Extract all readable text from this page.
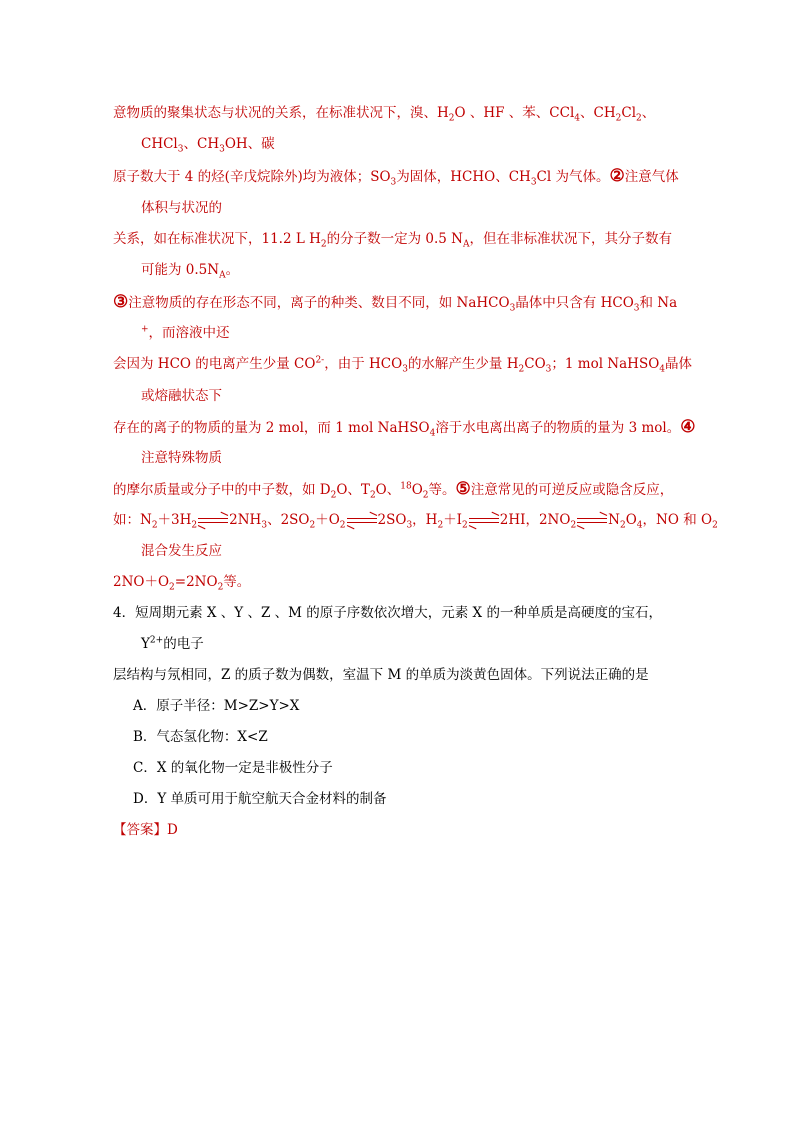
意物质的聚集状态与状况的关系，在标准状况下，溴、$H_2O$ 、HF 、苯、CCl$_4$、$CH_2Cl_2$、
CHCl$_3$、$CH_3OH$、碳
原子数大于 4 的烃(辛戊烷除外)均为液体；$SO_3$为固体，HCHO、$CH_3Cl$ 为气体。②注意气体
体积与状况的
关系，如在标准状况下，11.2 L $H_2$的分子数一定为 0.5 $N_A$，但在非标准状况下，其分子数有
可能为 $0.5N_A$。
③注意物质的存在形态不同，离子的种类、数目不同，如 NaHCO$_3$晶体中只含有 $HCO_3$和 Na
+，而溶液中还
会因为 HCO 的电离产生少量 $CO^{2-}$，由于 $HCO_3$的水解产生少量 $H_2CO_3$；1 mol NaHSO$_4$晶体
或熔融状态下
存在的离子的物质的量为 2 mol，而 1 mol NaHSO$_4$溶于水电离出离子的物质的量为 3 mol。④
注意特殊物质
的摩尔质量或分子中的中子数，如 $D_2O$、$T_2O$、$^{18}O_2$等。⑤注意常见的可逆反应或隐含反应，
如：$N_2+3H_2$ $\rightleftharpoons 2NH_3$、$2SO_2+O_2$ $\rightleftharpoons 2SO_3$，$H_2+I_2$ ⇌2HI，$2NO_2$ $\rightleftharpoons N_2O_4$，NO 和 $O_2$
混合发生反应
$2NO+O_2=2NO_2$等。
4．短周期元素 X 、Y 、Z 、M 的原子序数依次增大，元素 X 的一种单质是高硬度的宝石，
$Y^{2+}$的电子
层结构与氖相同，Z 的质子数为偶数，室温下 M 的单质为淡黄色固体。下列说法正确的是
A．原子半径：M>Z>Y>X
B．气态氢化物：X<Z
C．X 的氧化物一定是非极性分子
D．Y 单质可用于航空航天合金材料的制备
【答案】D
